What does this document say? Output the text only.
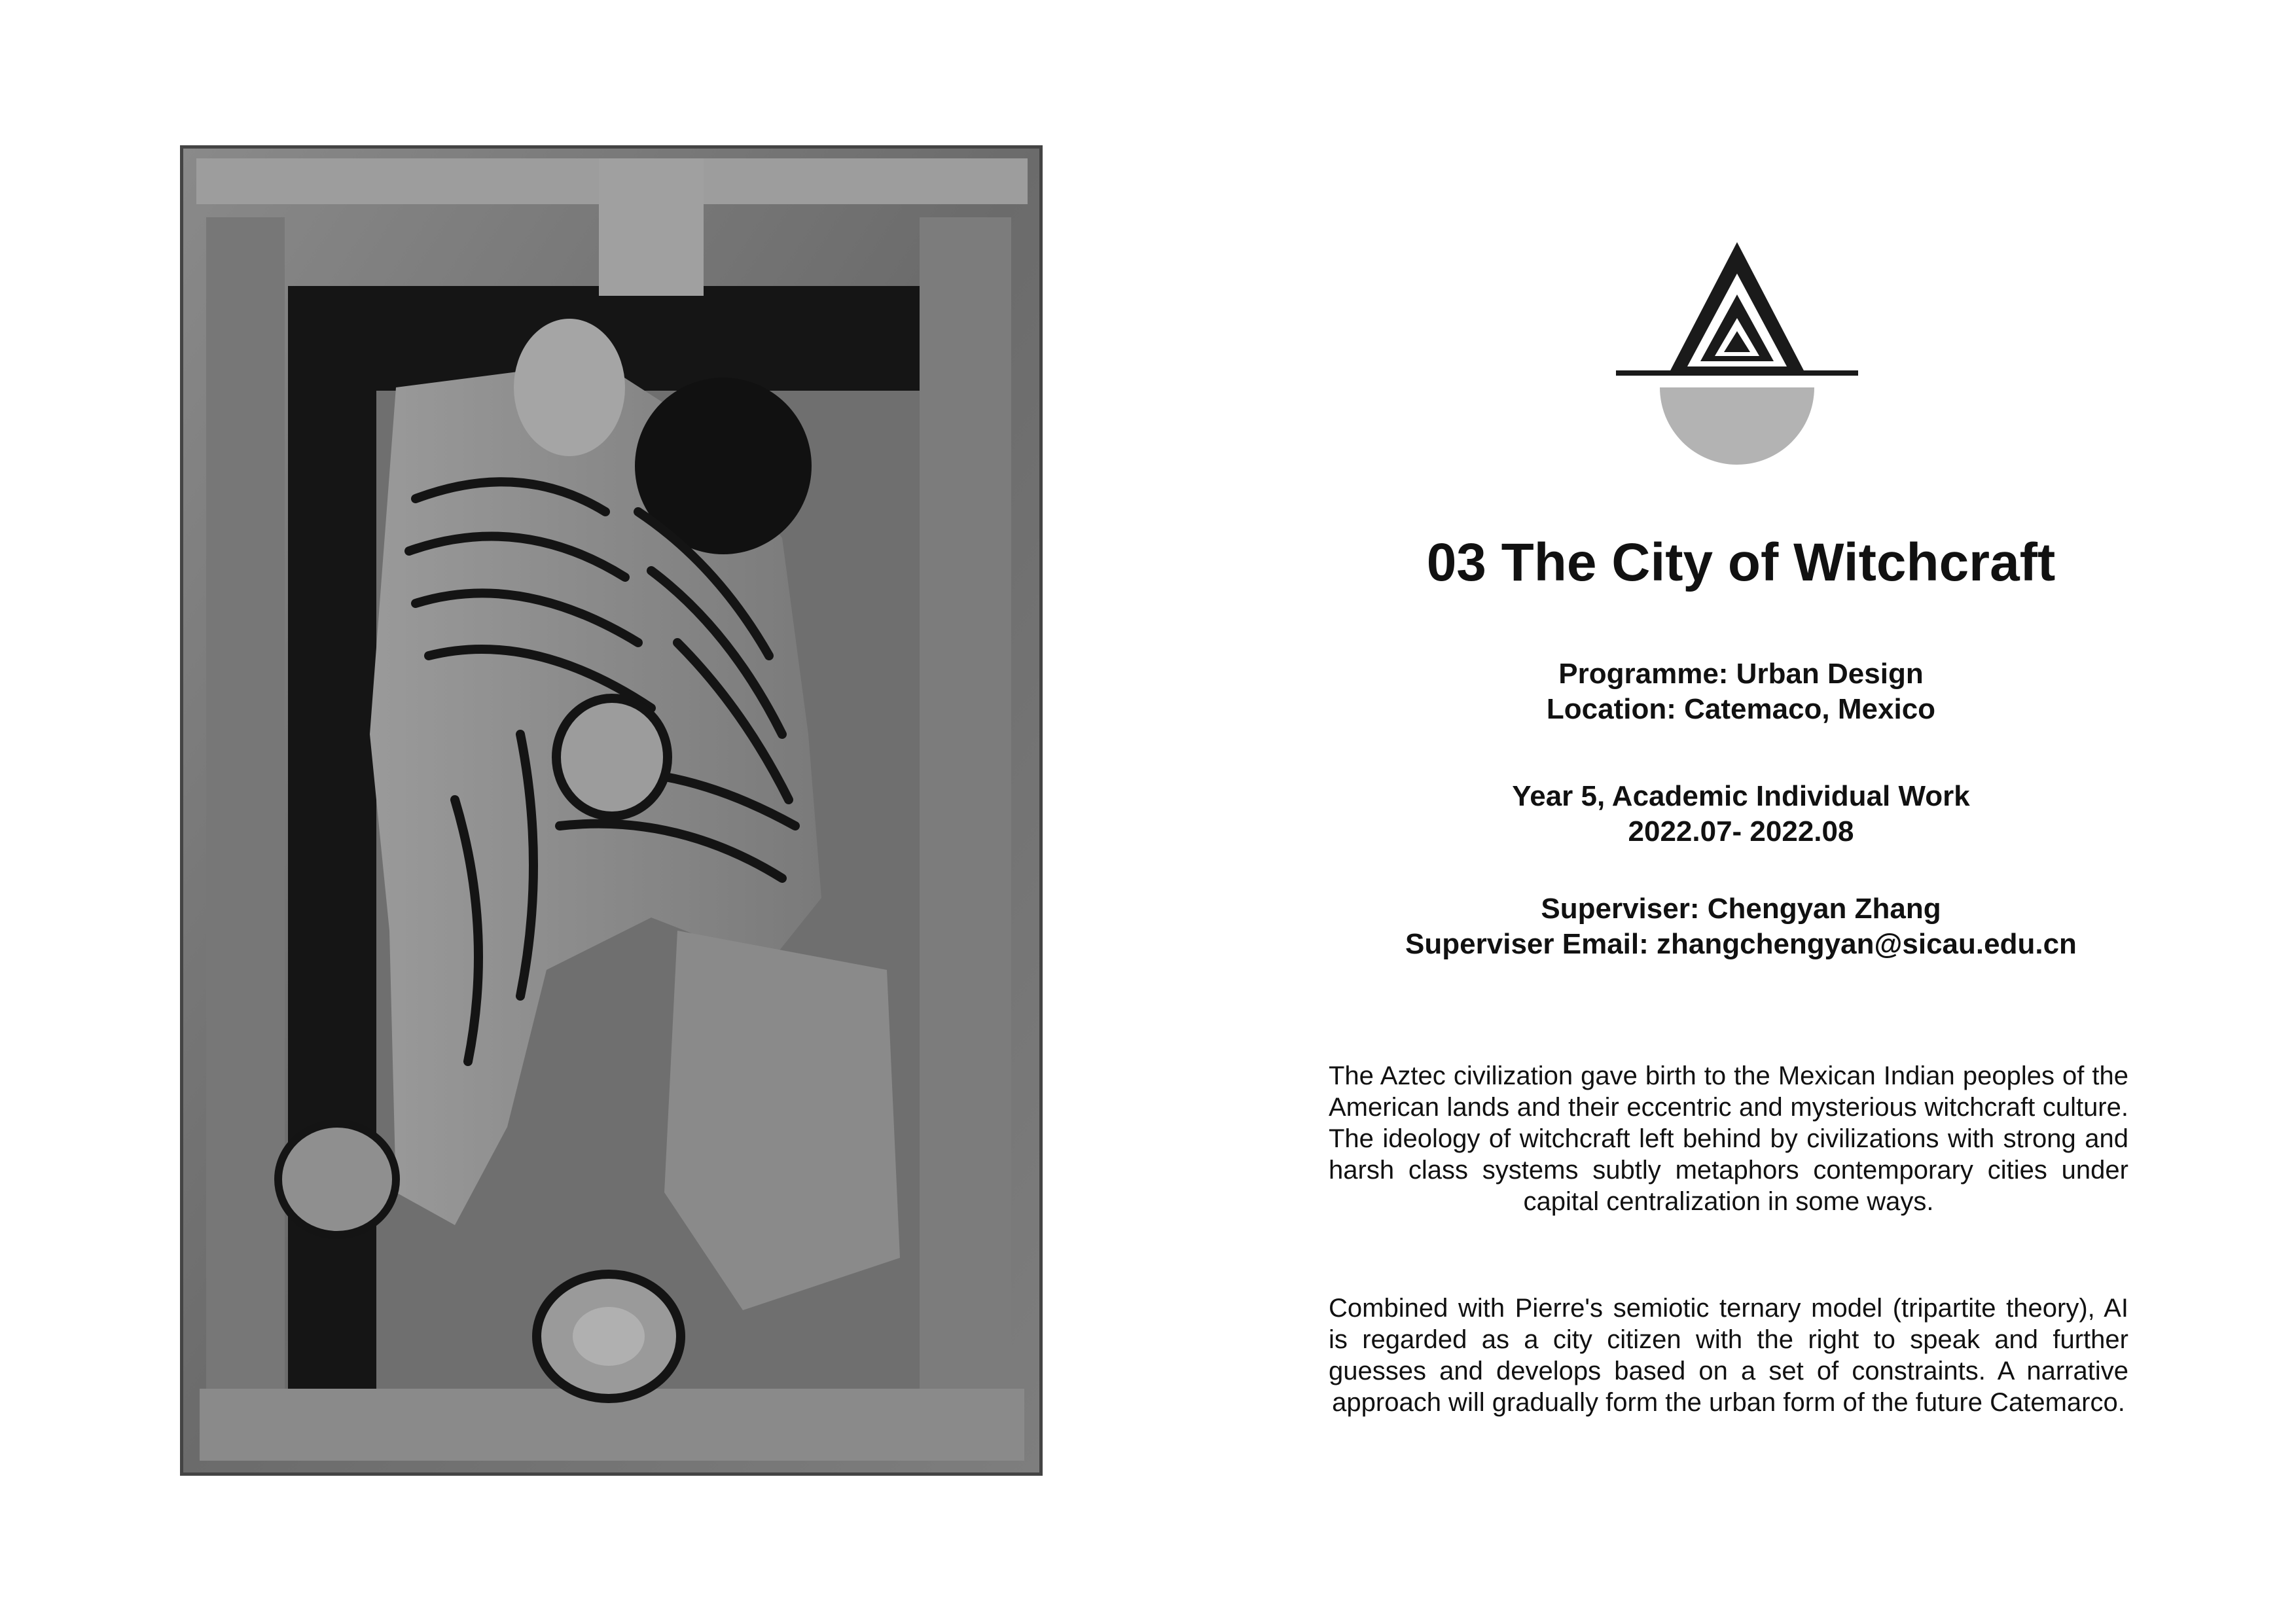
03 The City of Witchcraft
Programme: Urban Design
Location: Catemaco, Mexico
Year 5, Academic Individual Work
2022.07- 2022.08
Superviser: Chengyan Zhang
Superviser Email: zhangchengyan@sicau.edu.cn

The Aztec civilization gave birth to the Mexican Indian peoples of the American lands and their eccentric and mysterious witchcraft culture. The ideology of witchcraft left behind by civilizations with strong and harsh class systems subtly metaphors contemporary cities under capital centralization in some ways.

Combined with Pierre's semiotic ternary model (tripartite theory), AI is regarded as a city citizen with the right to speak and further guesses and develops based on a set of constraints. A narrative approach will gradually form the urban form of the future Catemarco.
